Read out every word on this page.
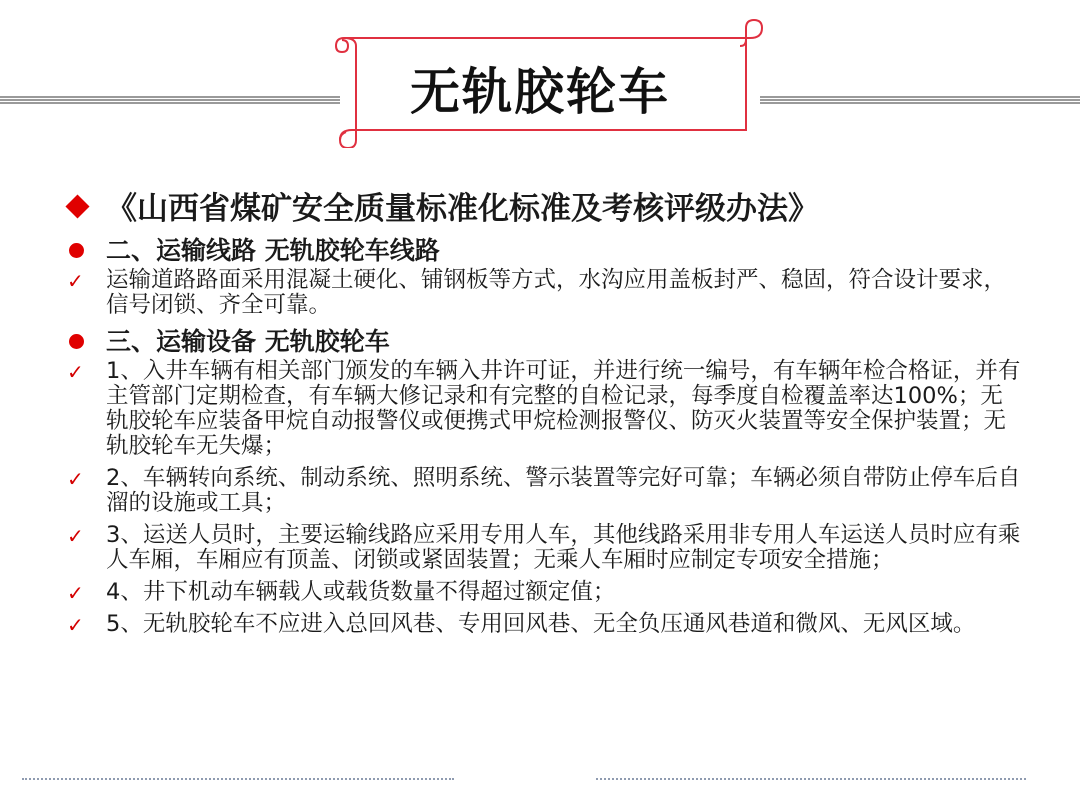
无轨胶轮车
《山西省煤矿安全质量标准化标准及考核评级办法》
二、运输线路 无轨胶轮车线路
✓ 运输道路路面采用混凝土硬化、铺钢板等方式，水沟应用盖板封严、稳固，符合设计要求，信号闭锁、齐全可靠。
三、运输设备 无轨胶轮车
✓ 1、入井车辆有相关部门颁发的车辆入井许可证，并进行统一编号，有车辆年检合格证，并有主管部门定期检查，有车辆大修记录和有完整的自检记录，每季度自检覆盖率达100%；无轨胶轮车应装备甲烷自动报警仪或便携式甲烷检测报警仪、防灭火装置等安全保护装置；无轨胶轮车无失爆；
✓ 2、车辆转向系统、制动系统、照明系统、警示装置等完好可靠；车辆必须自带防止停车后自溜的设施或工具；
✓ 3、运送人员时，主要运输线路应采用专用人车，其他线路采用非专用人车运送人员时应有乘人车厢，车厢应有顶盖、闭锁或紧固装置；无乘人车厢时应制定专项安全措施；
✓ 4、井下机动车辆载人或载货数量不得超过额定值；
✓ 5、无轨胶轮车不应进入总回风巷、专用回风巷、无全负压通风巷道和微风、无风区域。
